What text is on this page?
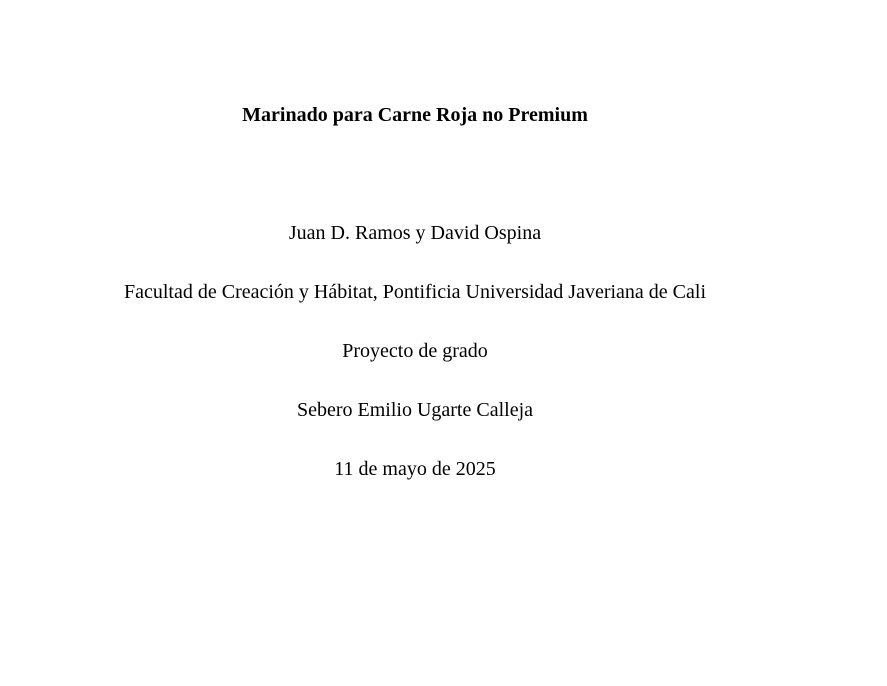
Marinado para Carne Roja no Premium

Juan D. Ramos y David Ospina

Facultad de Creación y Hábitat, Pontificia Universidad Javeriana de Cali

Proyecto de grado

Sebero Emilio Ugarte Calleja

11 de mayo de 2025
